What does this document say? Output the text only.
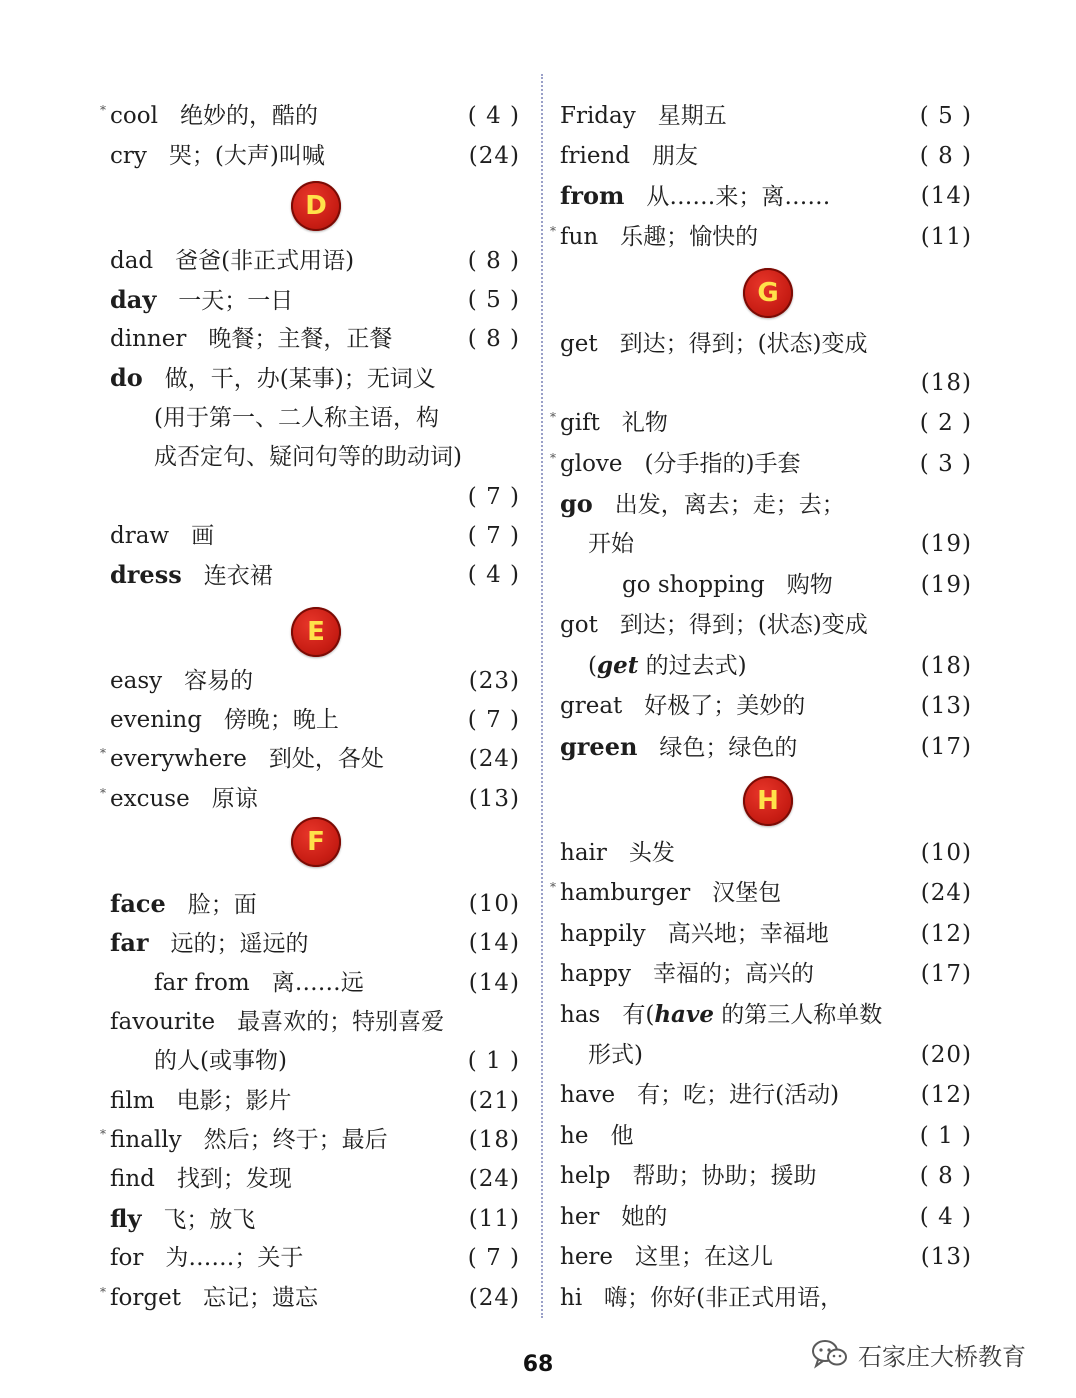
* cool 绝妙的，酷的	( 4 )
cry 哭；(大声)叫喊	(24)
D
dad 爸爸(非正式用语)	( 8 )
day 一天；一日	( 5 )
dinner 晚餐；主餐，正餐	( 8 )
do 做，干，办(某事)；无词义
(用于第一、二人称主语，构
成否定句、疑问句等的助动词)
( 7 )
draw 画	( 7 )
dress 连衣裙	( 4 )
E
easy 容易的	(23)
evening 傍晚；晚上	( 7 )
* everywhere 到处，各处	(24)
* excuse 原谅	(13)
F
face 脸；面	(10)
far 远的；遥远的	(14)
far from 离……远	(14)
favourite 最喜欢的；特别喜爱
的人(或事物)	( 1 )
film 电影；影片	(21)
* finally 然后；终于；最后	(18)
find 找到；发现	(24)
fly 飞；放飞	(11)
for 为……；关于	( 7 )
* forget 忘记；遗忘	(24)
Friday 星期五	( 5 )
friend 朋友	( 8 )
from 从……来；离……	(14)
* fun 乐趣；愉快的	(11)
G
get 到达；得到；(状态)变成
(18)
* gift 礼物	( 2 )
* glove (分手指的)手套	( 3 )
go 出发，离去；走；去；
开始	(19)
go shopping 购物	(19)
got 到达；得到；(状态)变成
(get 的过去式)	(18)
great 好极了；美妙的	(13)
green 绿色；绿色的	(17)
H
hair 头发	(10)
* hamburger 汉堡包	(24)
happily 高兴地；幸福地	(12)
happy 幸福的；高兴的	(17)
has 有(have 的第三人称单数
形式)	(20)
have 有；吃；进行(活动)	(12)
he 他	( 1 )
help 帮助；协助；援助	( 8 )
her 她的	( 4 )
here 这里；在这儿	(13)
hi 嗨；你好(非正式用语，
68	石家庄大桥教育
